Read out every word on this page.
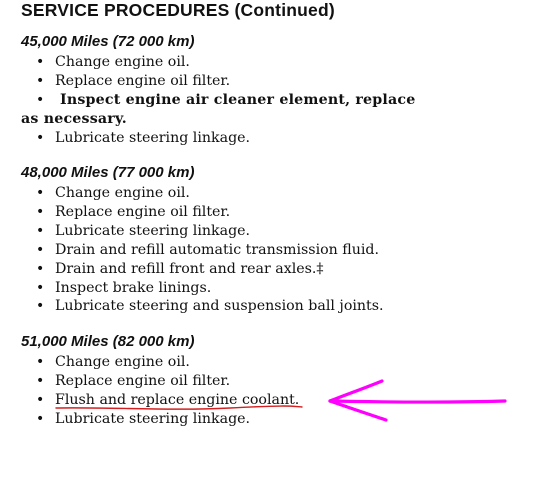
SERVICE PROCEDURES (Continued)
45,000 Miles (72 000 km)
• Change engine oil.
• Replace engine oil filter.
• Inspect engine air cleaner element, replace
as necessary.
• Lubricate steering linkage.
48,000 Miles (77 000 km)
• Change engine oil.
• Replace engine oil filter.
• Lubricate steering linkage.
• Drain and refill automatic transmission fluid.
• Drain and refill front and rear axles.‡
• Inspect brake linings.
• Lubricate steering and suspension ball joints.
51,000 Miles (82 000 km)
• Change engine oil.
• Replace engine oil filter.
• Flush and replace engine coolant.
• Lubricate steering linkage.
